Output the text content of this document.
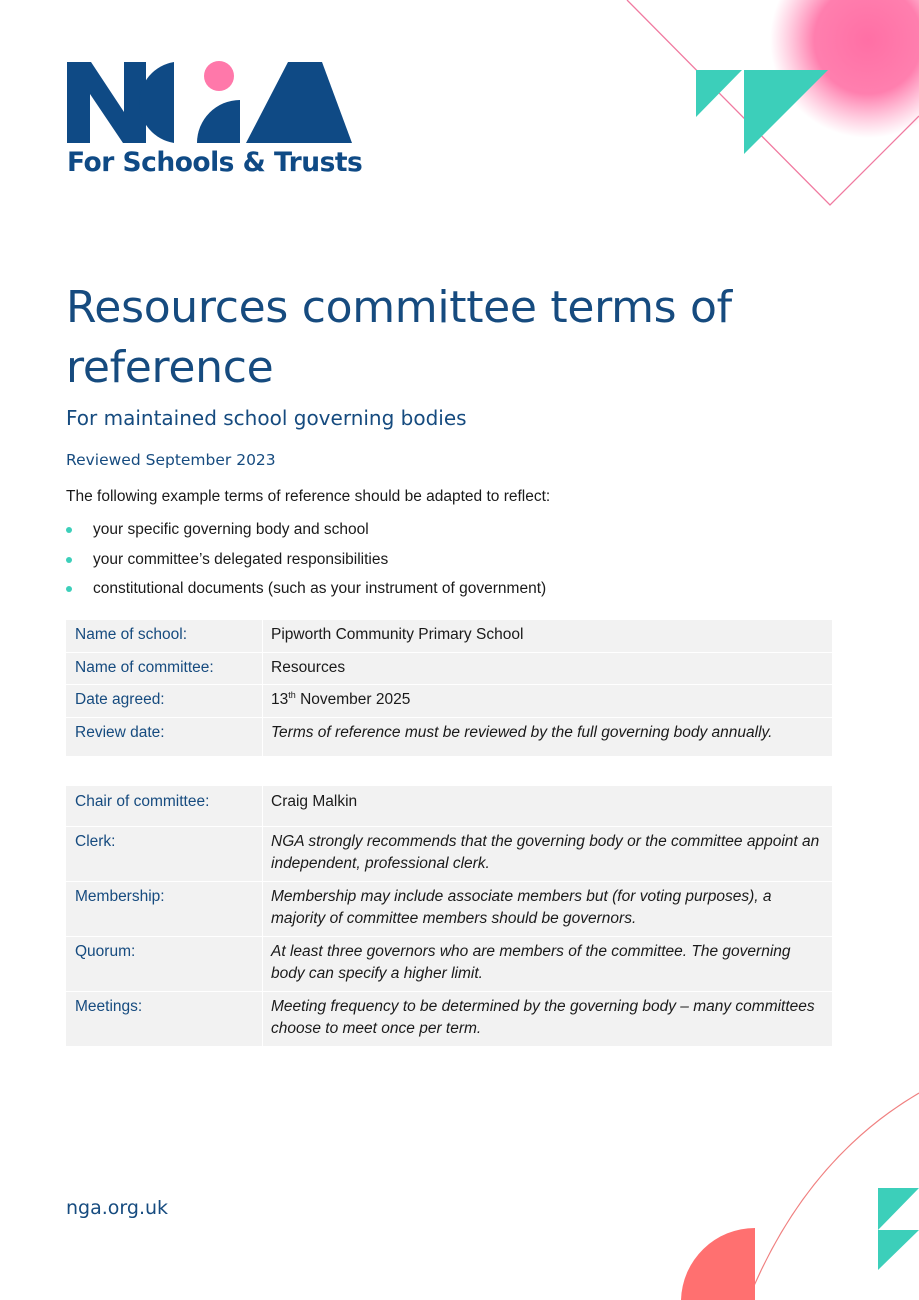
For Schools & Trusts
Resources committee terms of reference
For maintained school governing bodies

Reviewed September 2023

The following example terms of reference should be adapted to reflect:

your specific governing body and school
your committee’s delegated responsibilities
constitutional documents (such as your instrument of government)
Name of school:	Pipworth Community Primary School
Name of committee:	Resources
Date agreed:	13th November 2025
Review date:	Terms of reference must be reviewed by the full governing body annually.
Chair of committee:	Craig Malkin
Clerk:	NGA strongly recommends that the governing body or the committee appoint an independent, professional clerk.
Membership:	Membership may include associate members but (for voting purposes), a majority of committee members should be governors.
Quorum:	At least three governors who are members of the committee. The governing body can specify a higher limit.
Meetings:	Meeting frequency to be determined by the governing body – many committees choose to meet once per term.
nga.org.uk
